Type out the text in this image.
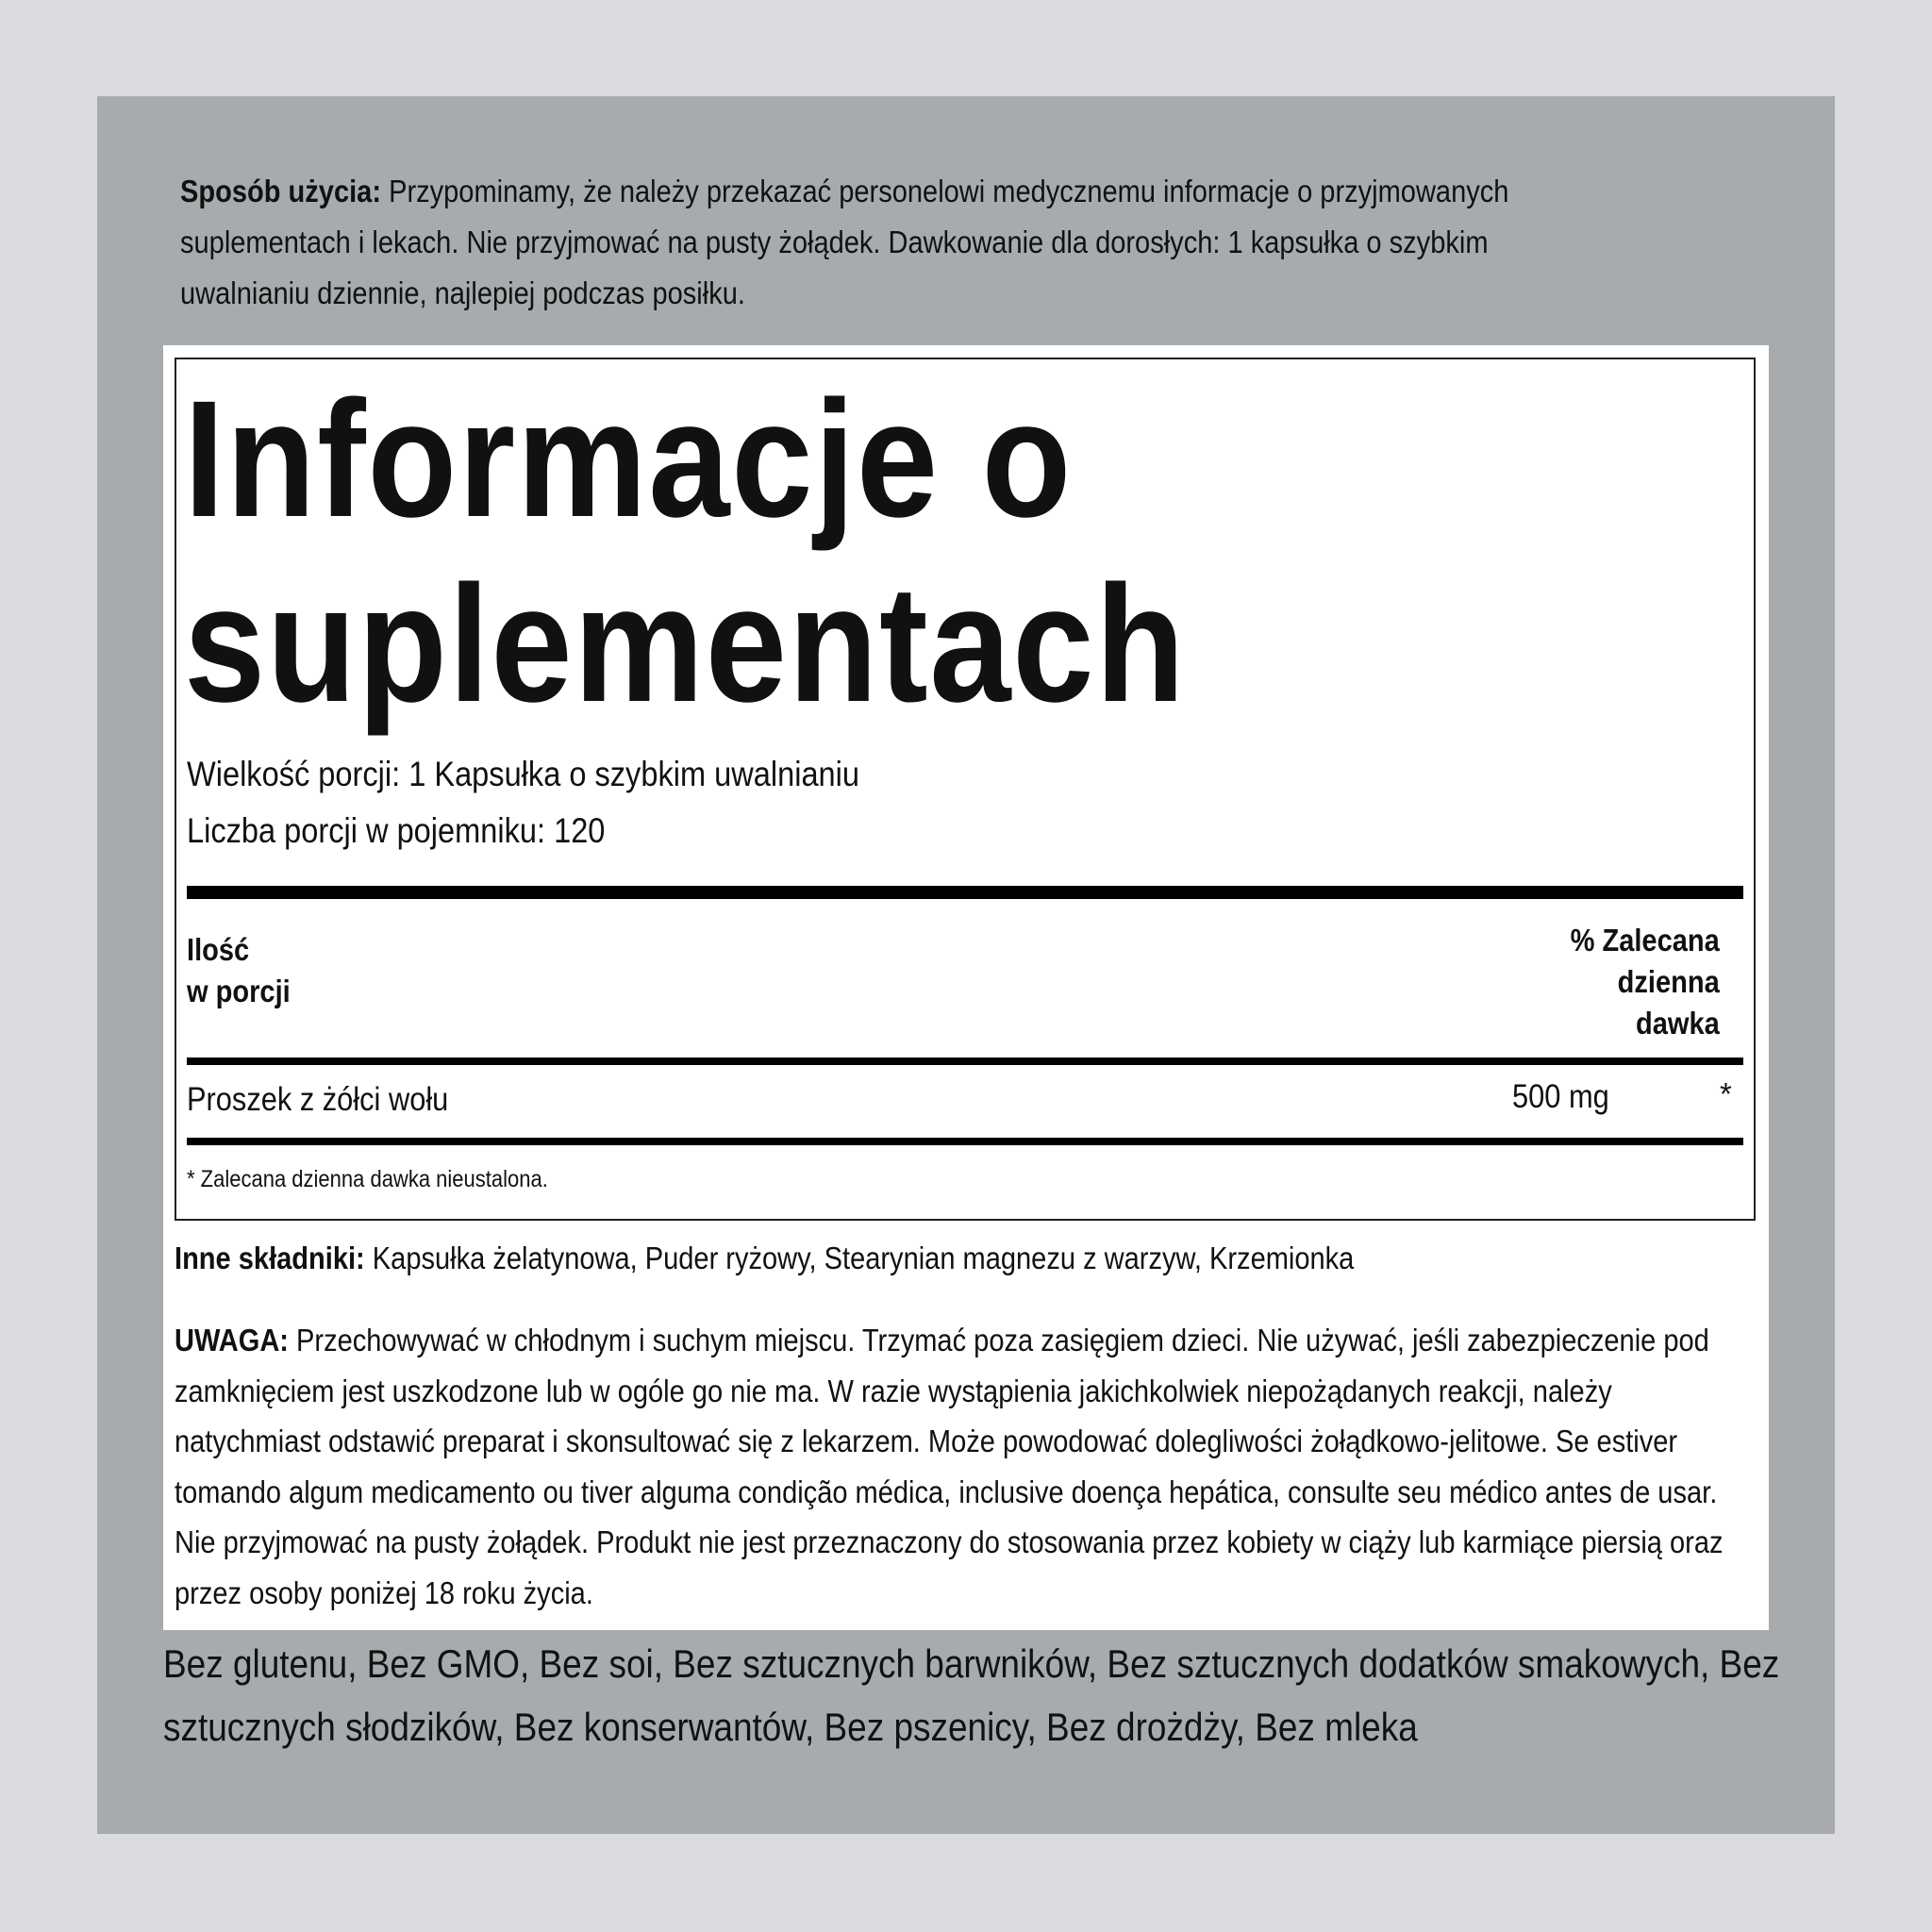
Sposób użycia: Przypominamy, że należy przekazać personelowi medycznemu informacje o przyjmowanych suplementach i lekach. Nie przyjmować na pusty żołądek. Dawkowanie dla dorosłych: 1 kapsułka o szybkim uwalnianiu dziennie, najlepiej podczas posiłku.
Informacje o
suplementach
Wielkość porcji: 1 Kapsułka o szybkim uwalnianiu
Liczba porcji w pojemniku: 120
Ilość
w porcji
% Zalecana
dzienna
dawka
Proszek z żółci wołu	500 mg	*
* Zalecana dzienna dawka nieustalona.
Inne składniki: Kapsułka żelatynowa, Puder ryżowy, Stearynian magnezu z warzyw, Krzemionka
UWAGA: Przechowywać w chłodnym i suchym miejscu. Trzymać poza zasięgiem dzieci. Nie używać, jeśli zabezpieczenie pod zamknięciem jest uszkodzone lub w ogóle go nie ma. W razie wystąpienia jakichkolwiek niepożądanych reakcji, należy natychmiast odstawić preparat i skonsultować się z lekarzem. Może powodować dolegliwości żołądkowo-jelitowe. Se estiver tomando algum medicamento ou tiver alguma condição médica, inclusive doença hepática, consulte seu médico antes de usar. Nie przyjmować na pusty żołądek. Produkt nie jest przeznaczony do stosowania przez kobiety w ciąży lub karmiące piersią oraz przez osoby poniżej 18 roku życia.
Bez glutenu, Bez GMO, Bez soi, Bez sztucznych barwników, Bez sztucznych dodatków smakowych, Bez sztucznych słodzików, Bez konserwantów, Bez pszenicy, Bez drożdży, Bez mleka
